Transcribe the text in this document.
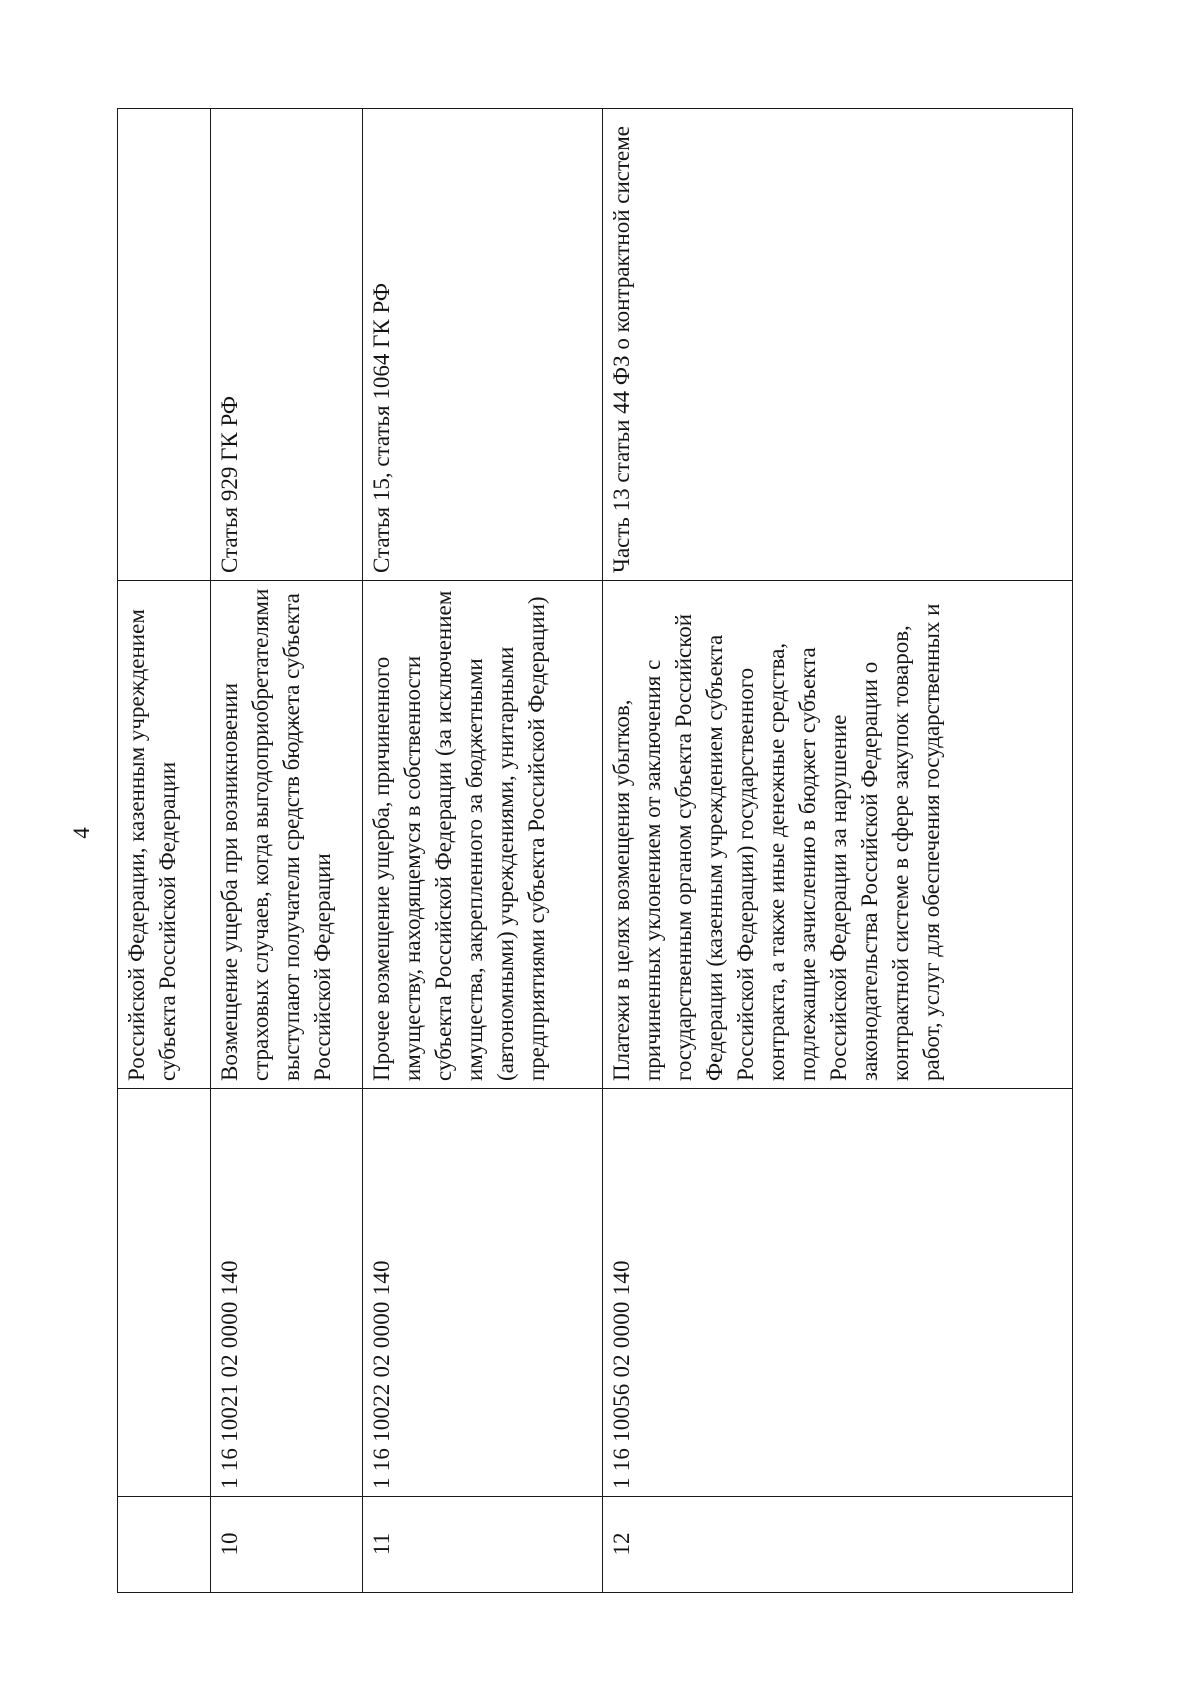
4

		Российской Федерации, казенным учреждением субъекта Российской Федерации	

10	1 16 10021 02 0000 140	Возмещение ущерба при возникновении страховых случаев, когда выгодоприобретателями выступают получатели средств бюджета субъекта Российской Федерации	Статья 929 ГК РФ
11	1 16 10022 02 0000 140	Прочее возмещение ущерба, причиненного имуществу, находящемуся в собственности субъекта Российской Федерации (за исключением имущества, закрепленного за бюджетными (автономными) учреждениями, унитарными предприятиями субъекта Российской Федерации)	Статья 15, статья 1064 ГК РФ
12	1 16 10056 02 0000 140	Платежи в целях возмещения убытков, причиненных уклонением от заключения с государственным органом субъекта Российской Федерации (казенным учреждением субъекта Российской Федерации) государственного контракта, а также иные денежные средства, подлежащие зачислению в бюджет субъекта Российской Федерации за нарушение законодательства Российской Федерации о контрактной системе в сфере закупок товаров, работ, услуг для обеспечения государственных и	Часть 13 статьи 44 ФЗ о контрактной системе
